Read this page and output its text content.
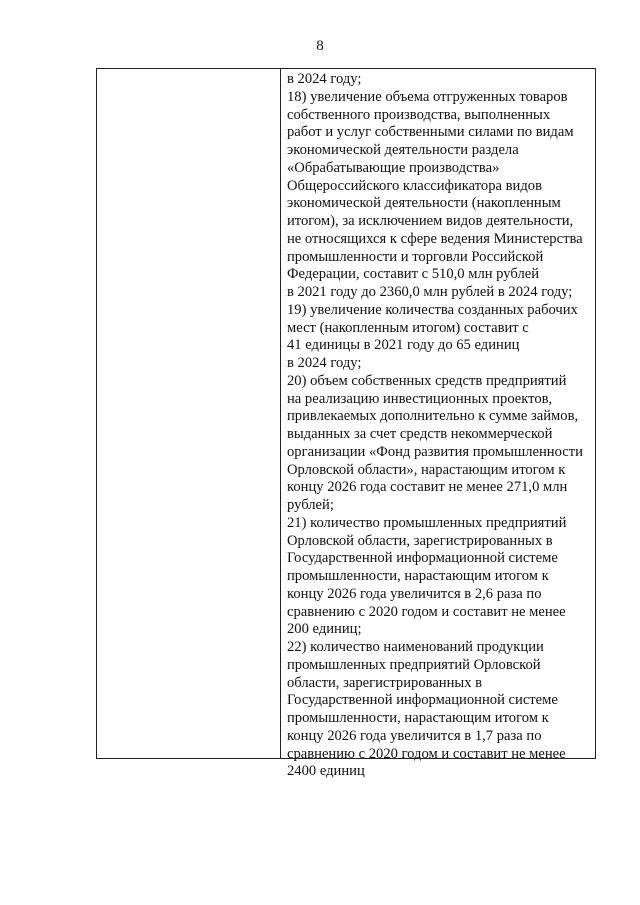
8
в 2024 году;
18) увеличение объема отгруженных товаров
собственного производства, выполненных
работ и услуг собственными силами по видам
экономической деятельности раздела
«Обрабатывающие производства»
Общероссийского классификатора видов
экономической деятельности (накопленным
итогом), за исключением видов деятельности,
не относящихся к сфере ведения Министерства
промышленности и торговли Российской
Федерации, составит с 510,0 млн рублей
в 2021 году до 2360,0 млн рублей в 2024 году;
19) увеличение количества созданных рабочих
мест (накопленным итогом) составит с
41 единицы в 2021 году до 65 единиц
в 2024 году;
20) объем собственных средств предприятий
на реализацию инвестиционных проектов,
привлекаемых дополнительно к сумме займов,
выданных за счет средств некоммерческой
организации «Фонд развития промышленности
Орловской области», нарастающим итогом к
концу 2026 года составит не менее 271,0 млн
рублей;
21) количество промышленных предприятий
Орловской области, зарегистрированных в
Государственной информационной системе
промышленности, нарастающим итогом к
концу 2026 года увеличится в 2,6 раза по
сравнению с 2020 годом и составит не менее
200 единиц;
22) количество наименований продукции
промышленных предприятий Орловской
области, зарегистрированных в
Государственной информационной системе
промышленности, нарастающим итогом к
концу 2026 года увеличится в 1,7 раза по
сравнению с 2020 годом и составит не менее
2400 единиц
